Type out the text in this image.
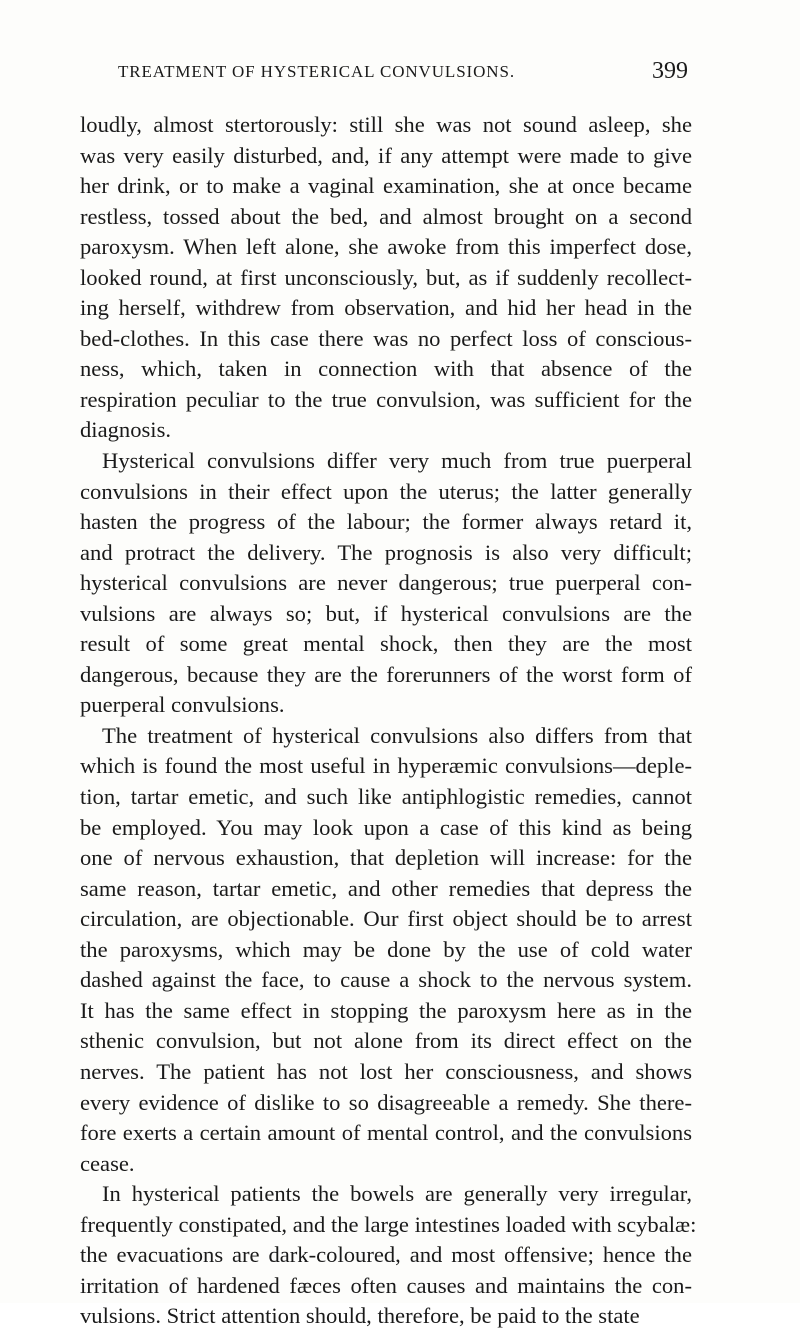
TREATMENT OF HYSTERICAL CONVULSIONS.	399
loudly, almost stertorously: still she was not sound asleep, she
was very easily disturbed, and, if any attempt were made to give
her drink, or to make a vaginal examination, she at once became
restless, tossed about the bed, and almost brought on a second
paroxysm. When left alone, she awoke from this imperfect dose,
looked round, at first unconsciously, but, as if suddenly recollect-
ing herself, withdrew from observation, and hid her head in the
bed-clothes. In this case there was no perfect loss of conscious-
ness, which, taken in connection with that absence of the
respiration peculiar to the true convulsion, was sufficient for the
diagnosis.
Hysterical convulsions differ very much from true puerperal
convulsions in their effect upon the uterus; the latter generally
hasten the progress of the labour; the former always retard it,
and protract the delivery. The prognosis is also very difficult;
hysterical convulsions are never dangerous; true puerperal con-
vulsions are always so; but, if hysterical convulsions are the
result of some great mental shock, then they are the most
dangerous, because they are the forerunners of the worst form of
puerperal convulsions.
The treatment of hysterical convulsions also differs from that
which is found the most useful in hyperæmic convulsions—deple-
tion, tartar emetic, and such like antiphlogistic remedies, cannot
be employed. You may look upon a case of this kind as being
one of nervous exhaustion, that depletion will increase: for the
same reason, tartar emetic, and other remedies that depress the
circulation, are objectionable. Our first object should be to arrest
the paroxysms, which may be done by the use of cold water
dashed against the face, to cause a shock to the nervous system.
It has the same effect in stopping the paroxysm here as in the
sthenic convulsion, but not alone from its direct effect on the
nerves. The patient has not lost her consciousness, and shows
every evidence of dislike to so disagreeable a remedy. She there-
fore exerts a certain amount of mental control, and the convulsions
cease.
In hysterical patients the bowels are generally very irregular,
frequently constipated, and the large intestines loaded with scybalæ:
the evacuations are dark-coloured, and most offensive; hence the
irritation of hardened fæces often causes and maintains the con-
vulsions. Strict attention should, therefore, be paid to the state
